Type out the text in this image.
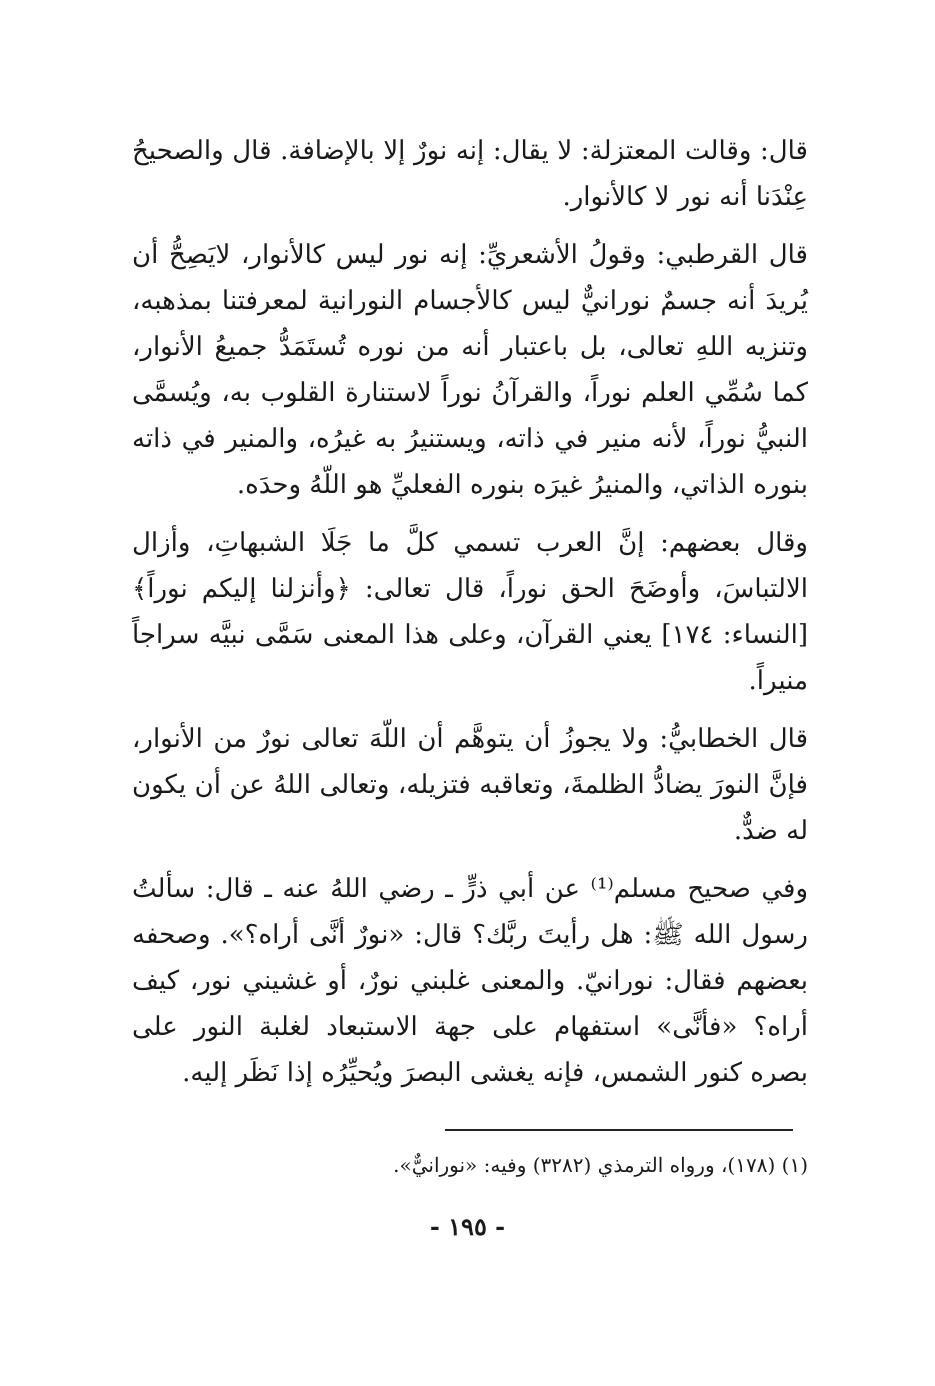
قال: وقالت المعتزلة: لا يقال: إنه نورٌ إلا بالإضافة. قال والصحيحُ عِنْدَنا أنه نور لا كالأنوار.

قال القرطبي: وقولُ الأشعريِّ: إنه نور ليس كالأنوار، لايَصِحُّ أن يُريدَ أنه جسمٌ نورانيٌّ ليس كالأجسام النورانية لمعرفتنا بمذهبه، وتنزيه اللهِ تعالى، بل باعتبار أنه من نوره تُستَمَدُّ جميعُ الأنوار، كما سُمِّي العلم نوراً، والقرآنُ نوراً لاستنارة القلوب به، ويُسمَّى النبيُّ نوراً، لأنه منير في ذاته، ويستنيرُ به غيرُه، والمنير في ذاته بنوره الذاتي، والمنيرُ غيرَه بنوره الفعليِّ هو اللّهُ وحدَه.

وقال بعضهم: إنَّ العرب تسمي كلَّ ما جَلَا الشبهاتِ، وأزال الالتباسَ، وأوضَحَ الحق نوراً، قال تعالى: ﴿وأنزلنا إليكم نوراً﴾[النساء: ١٧٤] يعني القرآن، وعلى هذا المعنى سَمَّى نبيَّه سراجاً منيراً.

قال الخطابيُّ: ولا يجوزُ أن يتوهَّم أن اللّهَ تعالى نورٌ من الأنوار، فإنَّ النورَ يضادُّ الظلمةَ، وتعاقبه فتزيله، وتعالى اللهُ عن أن يكون له ضدٌّ.

وفي صحيح مسلم⁽¹⁾ عن أبي ذرٍّ ـ رضي اللهُ عنه ـ قال: سألتُ رسول الله ﷺ: هل رأيتَ ربَّك؟ قال: «نورٌ أنَّى أراه؟». وصحفه بعضهم فقال: نورانيّ. والمعنى غلبني نورٌ، أو غشيني نور، كيف أراه؟ «فأنَّى» استفهام على جهة الاستبعاد لغلبة النور على بصره كنور الشمس، فإنه يغشى البصرَ ويُحيِّرُه إذا نَظَر إليه.

(١) (١٧٨)، ورواه الترمذي (٣٢٨٢) وفيه: «نورانيٌّ».
- ١٩٥ -
